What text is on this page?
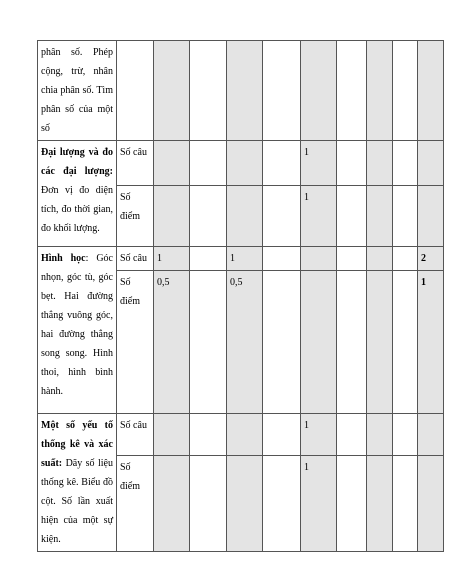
phân số. Phép cộng, trừ, nhân chia phân số. Tìm phân số của một số											
Đại lượng và đo các đại lượng: Đơn vị đo diện tích, đo thời gian, đo khối lượng.	Số câu					1					
	Số điểm					1					
Hình học: Góc nhọn, góc tù, góc bẹt. Hai đường thẳng vuông góc, hai đường thẳng song song. Hình thoi, hình bình hành.	Số câu	1		1						2	
	Số điểm	0,5		0,5						1	
Một số yếu tố thống kê và xác suất: Dãy số liệu thống kê. Biểu đồ cột. Số lần xuất hiện của một sự kiện.	Số câu					1					
	Số điểm					1					
